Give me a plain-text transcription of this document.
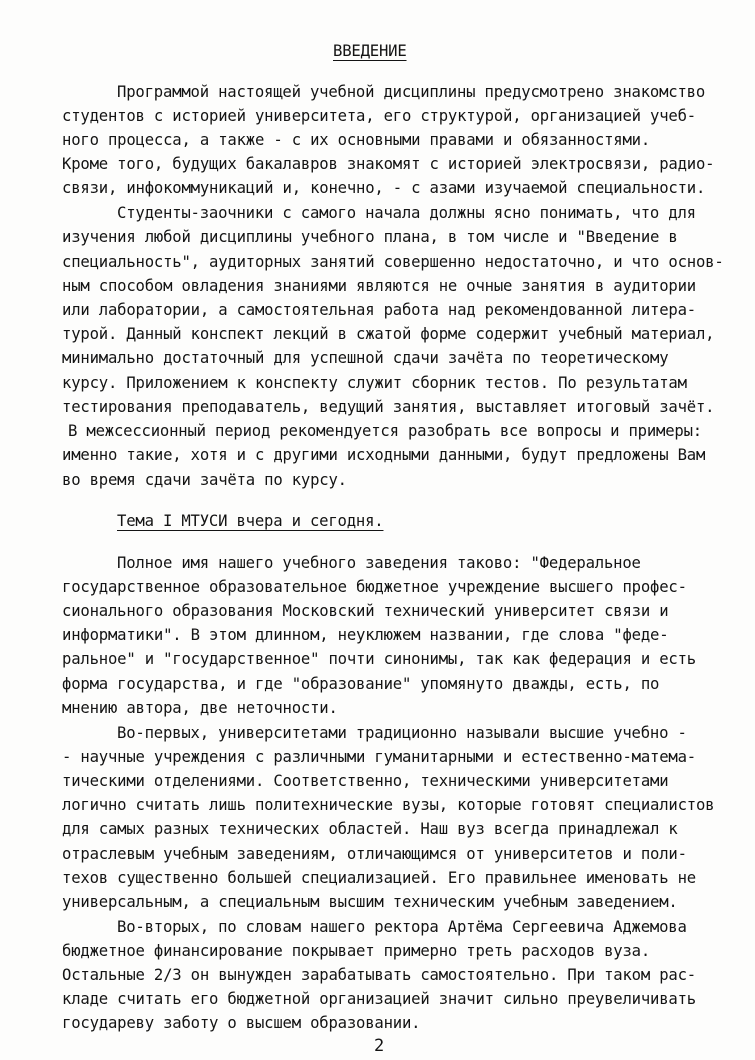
ВВЕДЕНИЕ
Программой настоящей учебной дисциплины предусмотрено знакомство
студентов с историей университета, его структурой, организацией учеб-
ного процесса, а также - с их основными правами и обязанностями.
Кроме того, будущих бакалавров знакомят с историей электросвязи, радио-
связи, инфокоммуникаций и, конечно, - с азами изучаемой специальности.
Студенты-заочники с самого начала должны ясно понимать, что для
изучения любой дисциплины учебного плана, в том числе и "Введение в
специальность", аудиторных занятий совершенно недостаточно, и что основ-
ным способом овладения знаниями являются не очные занятия в аудитории
или лаборатории, а самостоятельная работа над рекомендованной литера-
турой. Данный конспект лекций в сжатой форме содержит учебный материал,
минимально достаточный для успешной сдачи зачёта по теоретическому
курсу. Приложением к конспекту служит сборник тестов. По результатам
тестирования преподаватель, ведущий занятия, выставляет итоговый зачёт.
В межсессионный период рекомендуется разобрать все вопросы и примеры:
именно такие, хотя и с другими исходными данными, будут предложены Вам
во время сдачи зачёта по курсу.
Тема I МТУСИ вчера и сегодня.
Полное имя нашего учебного заведения таково: "Федеральное
государственное образовательное бюджетное учреждение высшего профес-
сионального образования Московский технический университет связи и
информатики". В этом длинном, неуклюжем названии, где слова "феде-
ральное" и "государственное" почти синонимы, так как федерация и есть
форма государства, и где "образование" упомянуто дважды, есть, по
мнению автора, две неточности.
Во-первых, университетами традиционно называли высшие учебно -
- научные учреждения с различными гуманитарными и естественно-матема-
тическими отделениями. Соответственно, техническими университетами
логично считать лишь политехнические вузы, которые готовят специалистов
для самых разных технических областей. Наш вуз всегда принадлежал к
отраслевым учебным заведениям, отличающимся от университетов и поли-
техов существенно большей специализацией. Его правильнее именовать не
универсальным, а специальным высшим техническим учебным заведением.
Во-вторых, по словам нашего ректора Артёма Сергеевича Аджемова
бюджетное финансирование покрывает примерно треть расходов вуза.
Остальные 2/3 он вынужден зарабатывать самостоятельно. При таком рас-
кладе считать его бюджетной организацией значит сильно преувеличивать
государеву заботу о высшем образовании.
2
